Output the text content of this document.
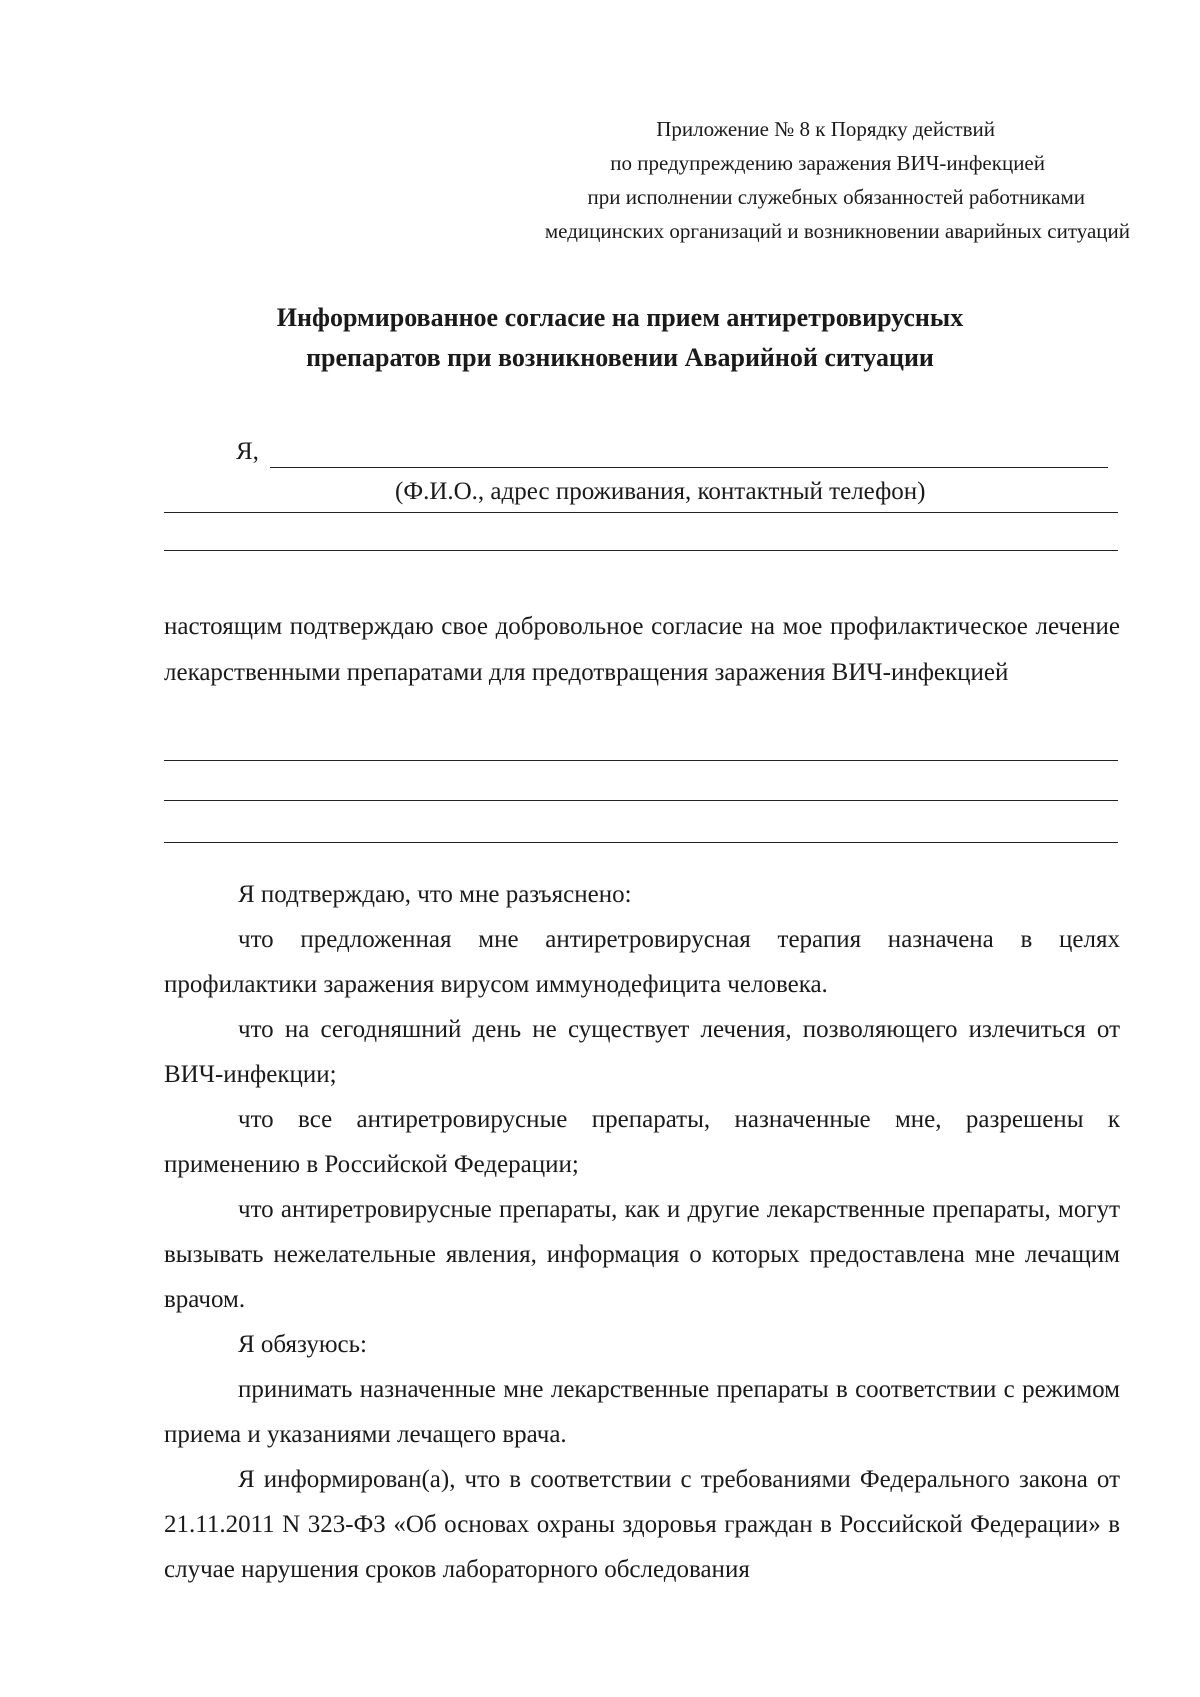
Приложение № 8 к Порядку действий
по предупреждению заражения ВИЧ-инфекцией
при исполнении служебных обязанностей работниками
медицинских организаций и возникновении аварийных ситуаций
Информированное согласие на прием антиретровирусных
препаратов при возникновении Аварийной ситуации
Я,
(Ф.И.О., адрес проживания, контактный телефон)
настоящим подтверждаю свое добровольное согласие на мое профилактическое лечение лекарственными препаратами для предотвращения заражения ВИЧ-инфекцией

Я подтверждаю, что мне разъяснено:

что предложенная мне антиретровирусная терапия назначена в целях профилактики заражения вирусом иммунодефицита человека.

что на сегодняшний день не существует лечения, позволяющего излечиться от ВИЧ-инфекции;

что все антиретровирусные препараты, назначенные мне, разрешены к применению в Российской Федерации;

что антиретровирусные препараты, как и другие лекарственные препараты, могут вызывать нежелательные явления, информация о которых предоставлена мне лечащим врачом.

Я обязуюсь:

принимать назначенные мне лекарственные препараты в соответствии с режимом приема и указаниями лечащего врача.

Я информирован(а), что в соответствии с требованиями Федерального закона от 21.11.2011 N 323-ФЗ «Об основах охраны здоровья граждан в Российской Федерации» в случае нарушения сроков лабораторного обследования
